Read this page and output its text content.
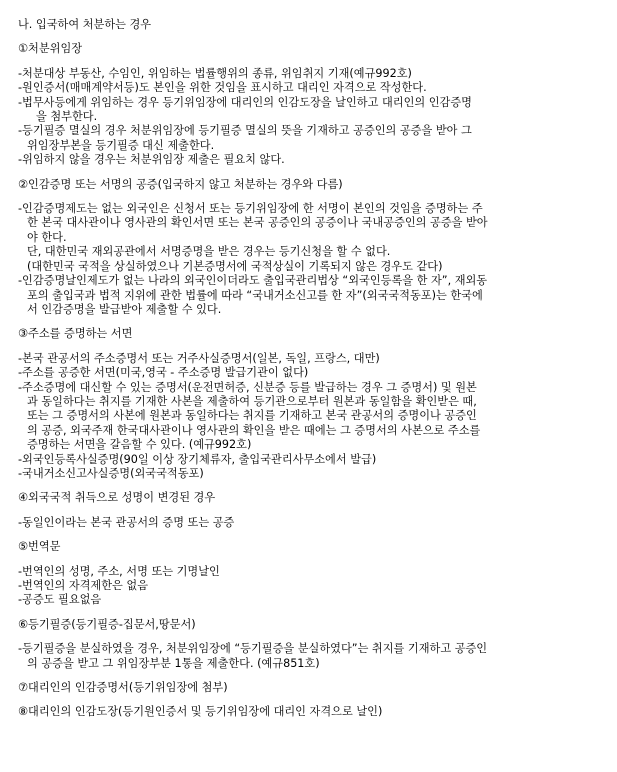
나. 입국하여 처분하는 경우
①처분위임장
-처분대상 부동산, 수임인, 위임하는 법률행위의 종류, 위임취지 기재(예규992호)
-원인증서(매매계약서등)도 본인을 위한 것임을 표시하고 대리인 자격으로 작성한다.
-법무사등에게 위임하는 경우 등기위임장에 대리인의 인감도장을 날인하고 대리인의 인감증명
을 첨부한다.
-등기필증 멸실의 경우 처분위임장에 등기필증 멸실의 뜻을 기재하고 공증인의 공증을 받아 그
위임장부본을 등기필증 대신 제출한다.
-위임하지 않을 경우는 처분위임장 제출은 필요치 않다.
②인감증명 또는 서명의 공증(입국하지 않고 처분하는 경우와 다름)
-인감증명제도는 없는 외국인은 신청서 또는 등기위임장에 한 서명이 본인의 것임을 증명하는 주
한 본국 대사관이나 영사관의 확인서면 또는 본국 공증인의 공증이나 국내공증인의 공증을 받아
야 한다.
단, 대한민국 재외공관에서 서명증명을 받은 경우는 등기신청을 할 수 없다.
(대한민국 국적을 상실하였으나 기본증명서에 국적상실이 기록되지 않은 경우도 같다)
-인감증명날인제도가 없는 나라의 외국인이더라도 출입국관리법상 “외국인등록을 한 자”, 재외동
포의 출입국과 법적 지위에 관한 법률에 따라 “국내거소신고를 한 자”(외국국적동포)는 한국에
서 인감증명을 발급받아 제출할 수 있다.
③주소를 증명하는 서면
-본국 관공서의 주소증명서 또는 거주사실증명서(일본, 독일, 프랑스, 대만)
-주소를 공증한 서면(미국,영국 - 주소증명 발급기관이 없다)
-주소증명에 대신할 수 있는 증명서(운전면허증, 신분증 등를 발급하는 경우 그 증명서) 및 원본
과 동일하다는 취지를 기재한 사본을 제출하여 등기관으로부터 원본과 동일함을 확인받은 때,
또는 그 증명서의 사본에 원본과 동일하다는 취지를 기재하고 본국 관공서의 증명이나 공증인
의 공증, 외국주재 한국대사관이나 영사관의 확인을 받은 때에는 그 증명서의 사본으로 주소를
증명하는 서면을 갈음할 수 있다. (예규992호)
-외국인등록사실증명(90일 이상 장기체류자, 출입국관리사무소에서 발급)
-국내거소신고사실증명(외국국적동포)
④외국국적 취득으로 성명이 변경된 경우
-동일인이라는 본국 관공서의 증명 또는 공증
⑤번역문
-번역인의 성명, 주소, 서명 또는 기명날인
-번역인의 자격제한은 없음
-공증도 필요없음
⑥등기필증(등기필증-집문서,땅문서)
-등기필증을 분실하였을 경우, 처분위임장에 “등기필증을 분실하였다”는 취지를 기재하고 공증인
의 공증을 받고 그 위임장부분 1통을 제출한다. (예규851호)
⑦대리인의 인감증명서(등기위임장에 첨부)
⑧대리인의 인감도장(등기원인증서 및 등기위임장에 대리인 자격으로 날인)
